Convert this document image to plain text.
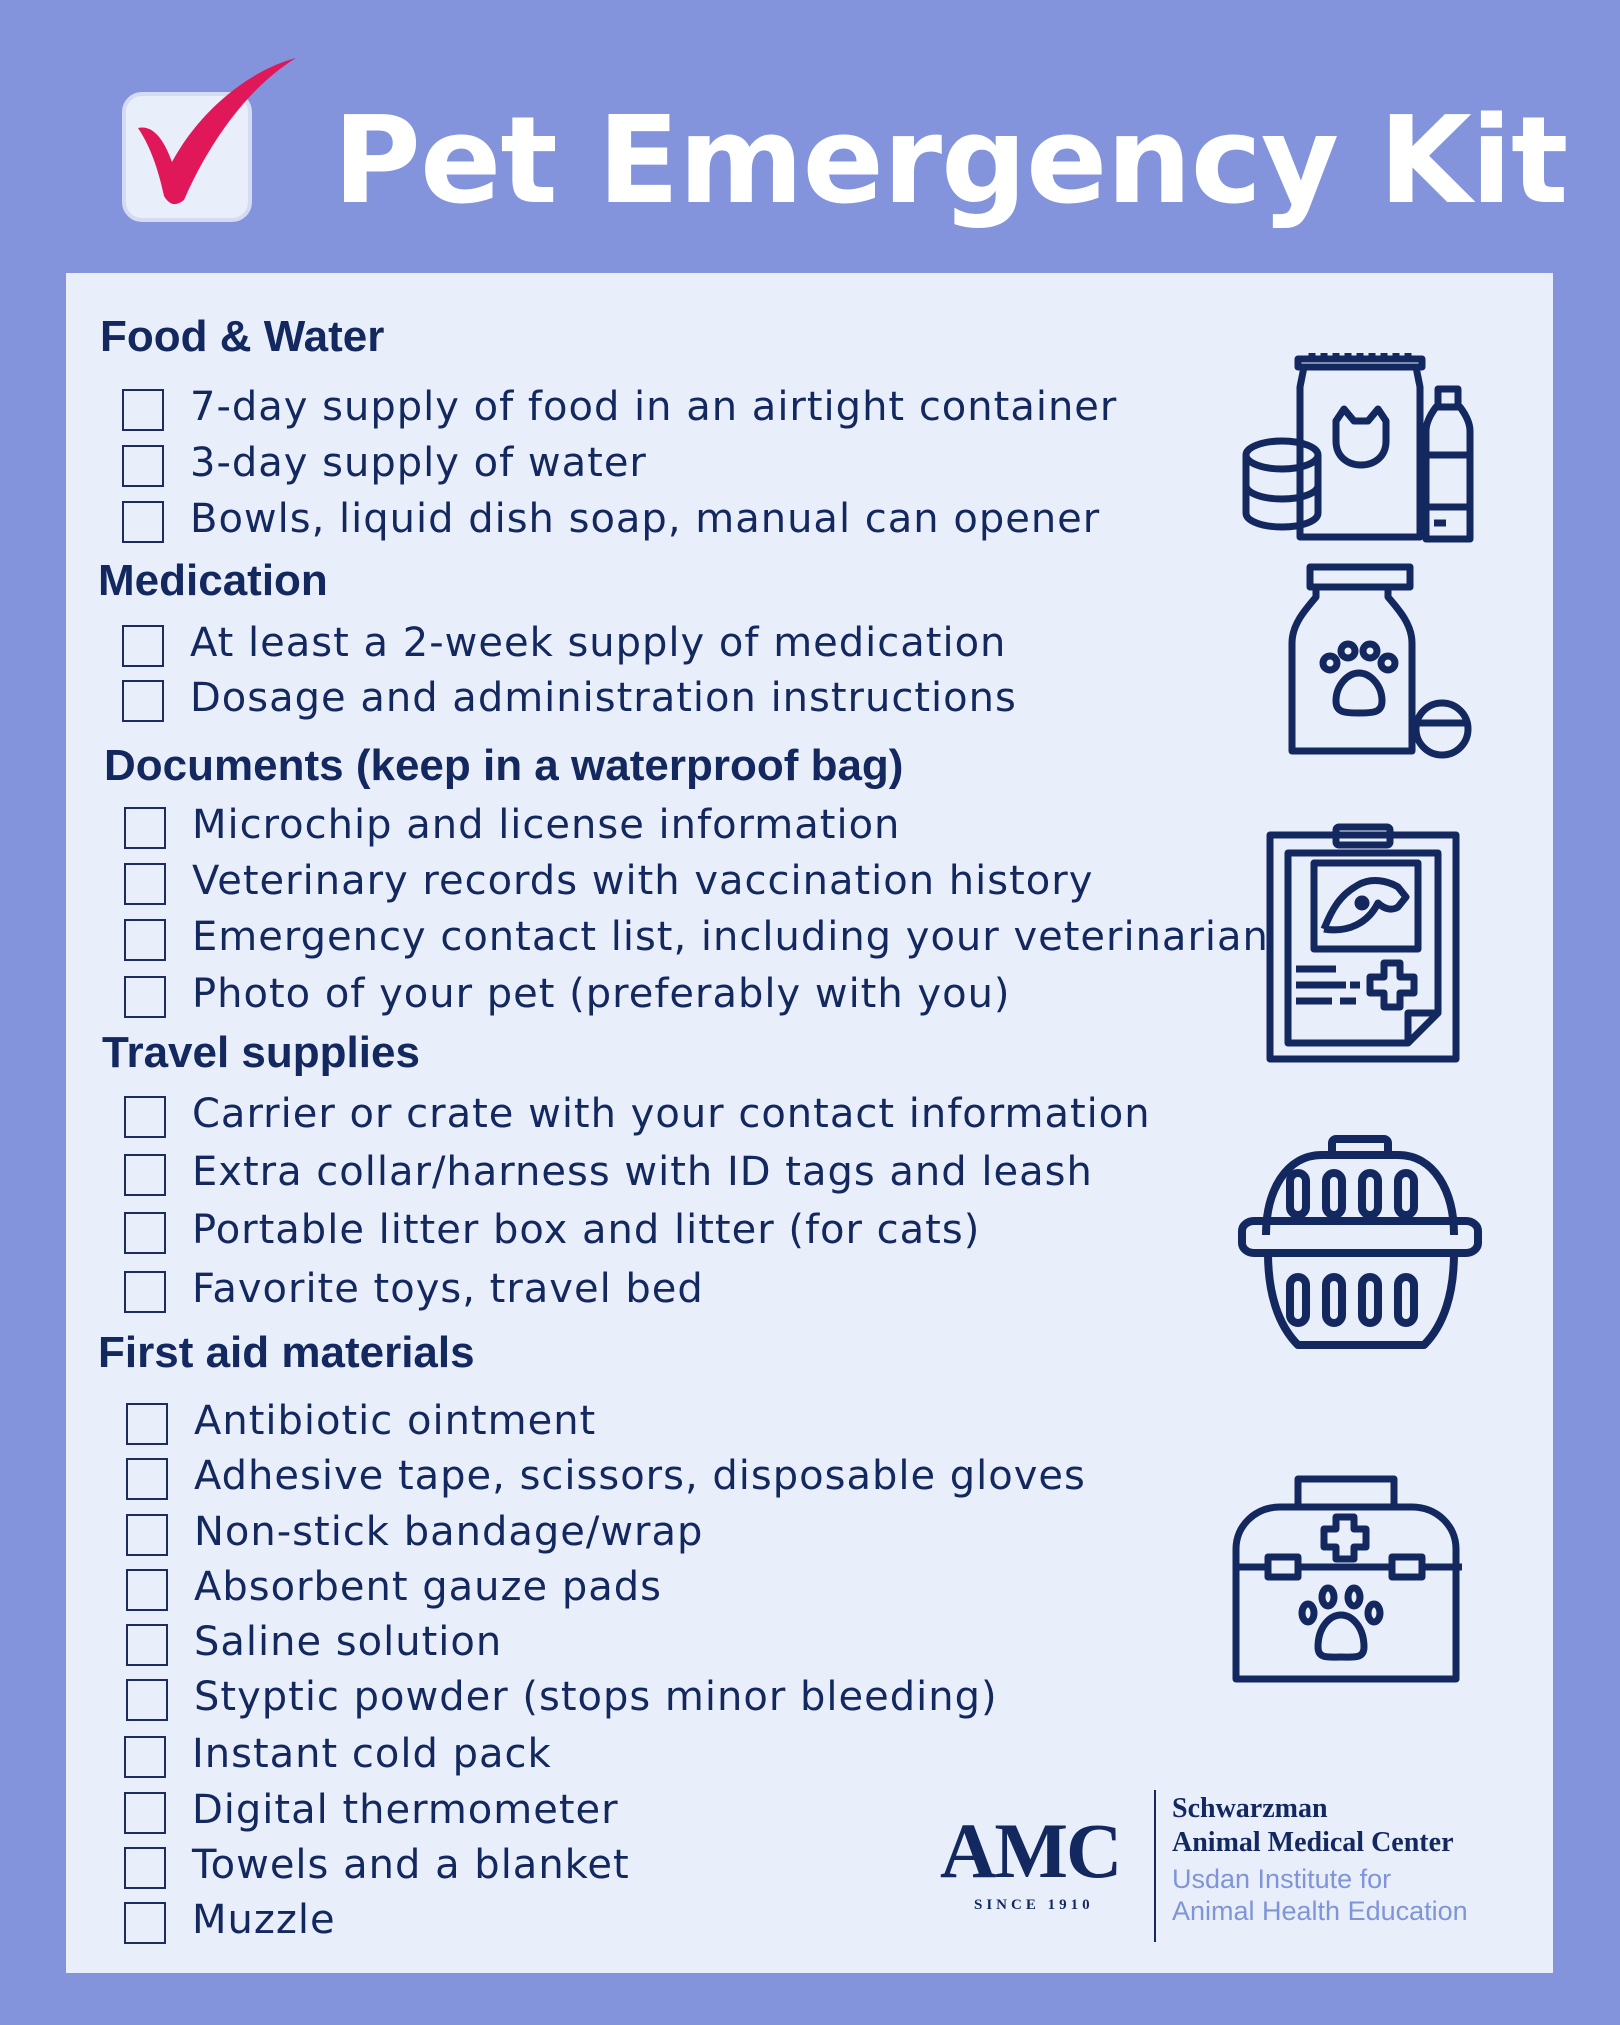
Pet Emergency Kit
Food & Water
7-day supply of food in an airtight container
3-day supply of water
Bowls, liquid dish soap, manual can opener
Medication
At least a 2-week supply of medication
Dosage and administration instructions
Documents (keep in a waterproof bag)
Microchip and license information
Veterinary records with vaccination history
Emergency contact list, including your veterinarian
Photo of your pet (preferably with you)
Travel supplies
Carrier or crate with your contact information
Extra collar/harness with ID tags and leash
Portable litter box and litter (for cats)
Favorite toys, travel bed
First aid materials
Antibiotic ointment
Adhesive tape, scissors, disposable gloves
Non-stick bandage/wrap
Absorbent gauze pads
Saline solution
Styptic powder (stops minor bleeding)
Instant cold pack
Digital thermometer
Towels and a blanket
Muzzle
AMC
SINCE 1910
Schwarzman
Animal Medical Center
Usdan Institute for
Animal Health Education
